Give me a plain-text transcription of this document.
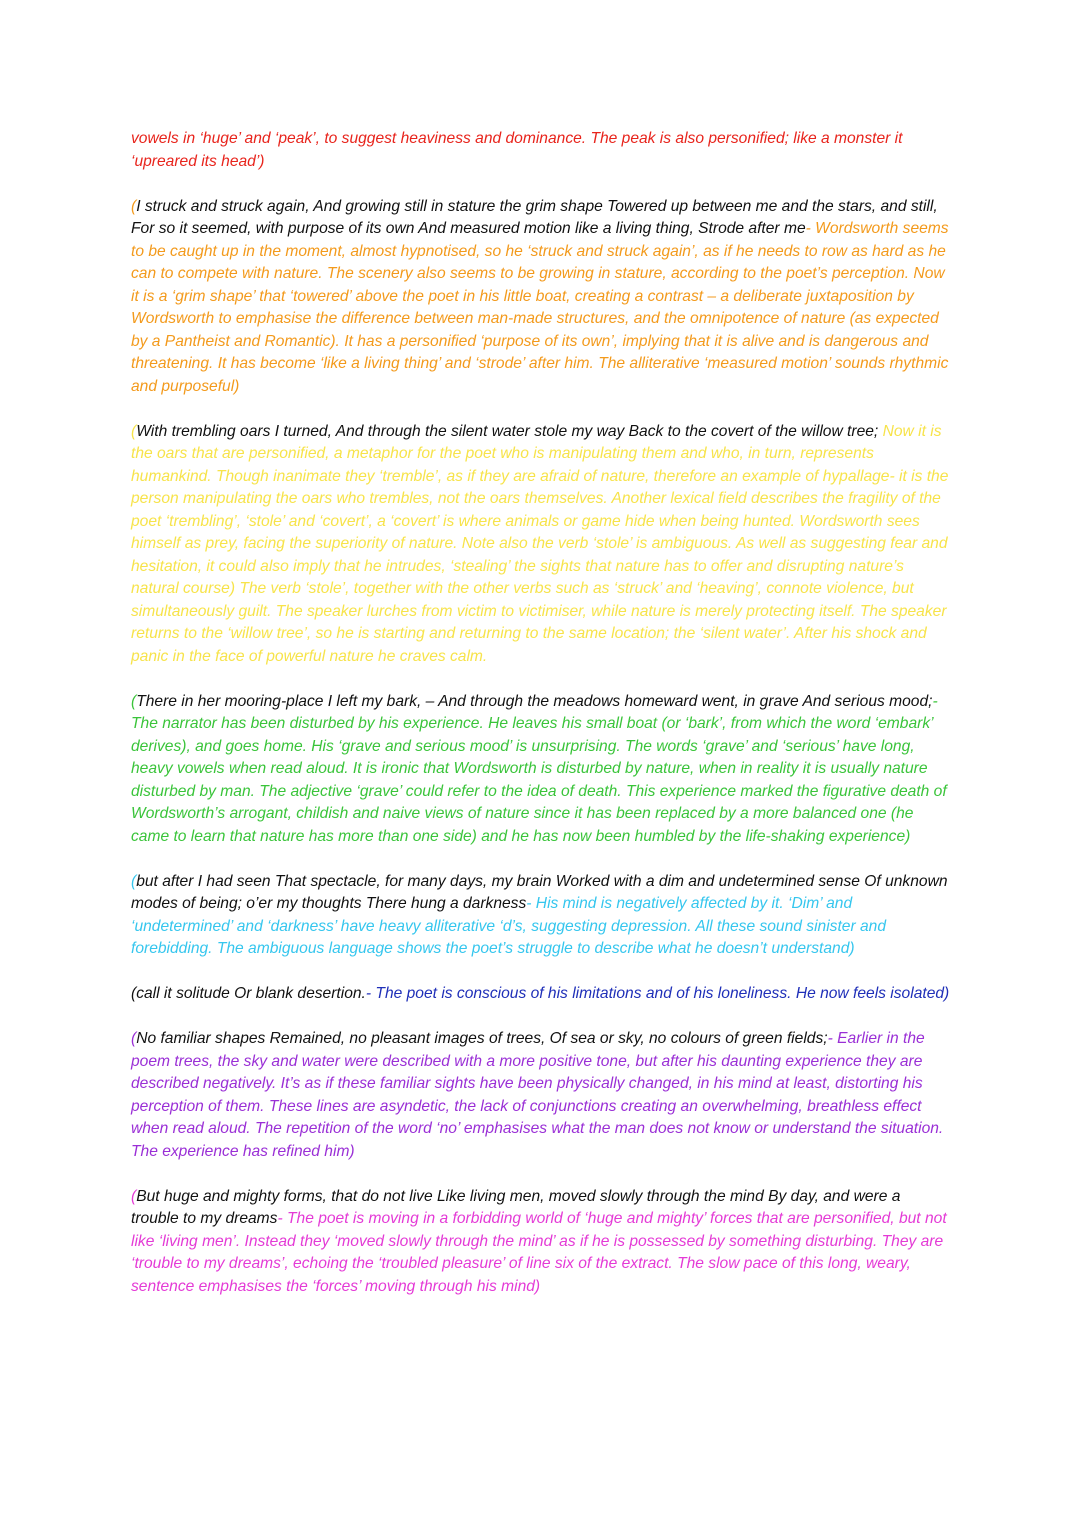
vowels in ‘huge’ and ‘peak’, to suggest heaviness and dominance. The peak is also personified; like a monster it ‘upreared its head’)

(I struck and struck again, And growing still in stature the grim shape Towered up between me and the stars, and still, For so it seemed, with purpose of its own And measured motion like a living thing, Strode after me- Wordsworth seems to be caught up in the moment, almost hypnotised, so he ‘struck and struck again’, as if he needs to row as hard as he can to compete with nature. The scenery also seems to be growing in stature, according to the poet’s perception. Now it is a ‘grim shape’ that ‘towered’ above the poet in his little boat, creating a contrast – a deliberate juxtaposition by Wordsworth to emphasise the difference between man-made structures, and the omnipotence of nature (as expected by a Pantheist and Romantic). It has a personified ‘purpose of its own’, implying that it is alive and is dangerous and threatening. It has become ‘like a living thing’ and ‘strode’ after him. The alliterative ‘measured motion’ sounds rhythmic and purposeful)

(With trembling oars I turned, And through the silent water stole my way Back to the covert of the willow tree; Now it is the oars that are personified, a metaphor for the poet who is manipulating them and who, in turn, represents humankind. Though inanimate they ‘tremble’, as if they are afraid of nature, therefore an example of hypallage- it is the person manipulating the oars who trembles, not the oars themselves. Another lexical field describes the fragility of the poet ‘trembling’, ‘stole’ and ‘covert’, a ‘covert’ is where animals or game hide when being hunted. Wordsworth sees himself as prey, facing the superiority of nature. Note also the verb ‘stole’ is ambiguous. As well as suggesting fear and hesitation, it could also imply that he intrudes, ‘stealing’ the sights that nature has to offer and disrupting nature’s natural course) The verb ‘stole’, together with the other verbs such as ‘struck’ and ‘heaving’, connote violence, but simultaneously guilt. The speaker lurches from victim to victimiser, while nature is merely protecting itself. The speaker returns to the ‘willow tree’, so he is starting and returning to the same location; the ‘silent water’. After his shock and panic in the face of powerful nature he craves calm.

(There in her mooring-place I left my bark, – And through the meadows homeward went, in grave And serious mood;- The narrator has been disturbed by his experience. He leaves his small boat (or ‘bark’, from which the word ‘embark’ derives), and goes home. His ‘grave and serious mood’ is unsurprising. The words ‘grave’ and ‘serious’ have long, heavy vowels when read aloud. It is ironic that Wordsworth is disturbed by nature, when in reality it is usually nature disturbed by man. The adjective ‘grave’ could refer to the idea of death. This experience marked the figurative death of Wordsworth’s arrogant, childish and naive views of nature since it has been replaced by a more balanced one (he came to learn that nature has more than one side) and he has now been humbled by the life-shaking experience)

(but after I had seen That spectacle, for many days, my brain Worked with a dim and undetermined sense Of unknown modes of being; o’er my thoughts There hung a darkness- His mind is negatively affected by it. ‘Dim’ and ‘undetermined’ and ‘darkness’ have heavy alliterative ‘d’s, suggesting depression. All these sound sinister and forebidding. The ambiguous language shows the poet’s struggle to describe what he doesn’t understand)

(call it solitude Or blank desertion.- The poet is conscious of his limitations and of his loneliness. He now feels isolated)

(No familiar shapes Remained, no pleasant images of trees, Of sea or sky, no colours of green fields;- Earlier in the poem trees, the sky and water were described with a more positive tone, but after his daunting experience they are described negatively. It’s as if these familiar sights have been physically changed, in his mind at least, distorting his perception of them. These lines are asyndetic, the lack of conjunctions creating an overwhelming, breathless effect when read aloud. The repetition of the word ‘no’ emphasises what the man does not know or understand the situation. The experience has refined him)

(But huge and mighty forms, that do not live Like living men, moved slowly through the mind By day, and were a trouble to my dreams- The poet is moving in a forbidding world of ‘huge and mighty’ forces that are personified, but not like ‘living men’. Instead they ‘moved slowly through the mind’ as if he is possessed by something disturbing. They are ‘trouble to my dreams’, echoing the ‘troubled pleasure’ of line six of the extract. The slow pace of this long, weary, sentence emphasises the ‘forces’ moving through his mind)
